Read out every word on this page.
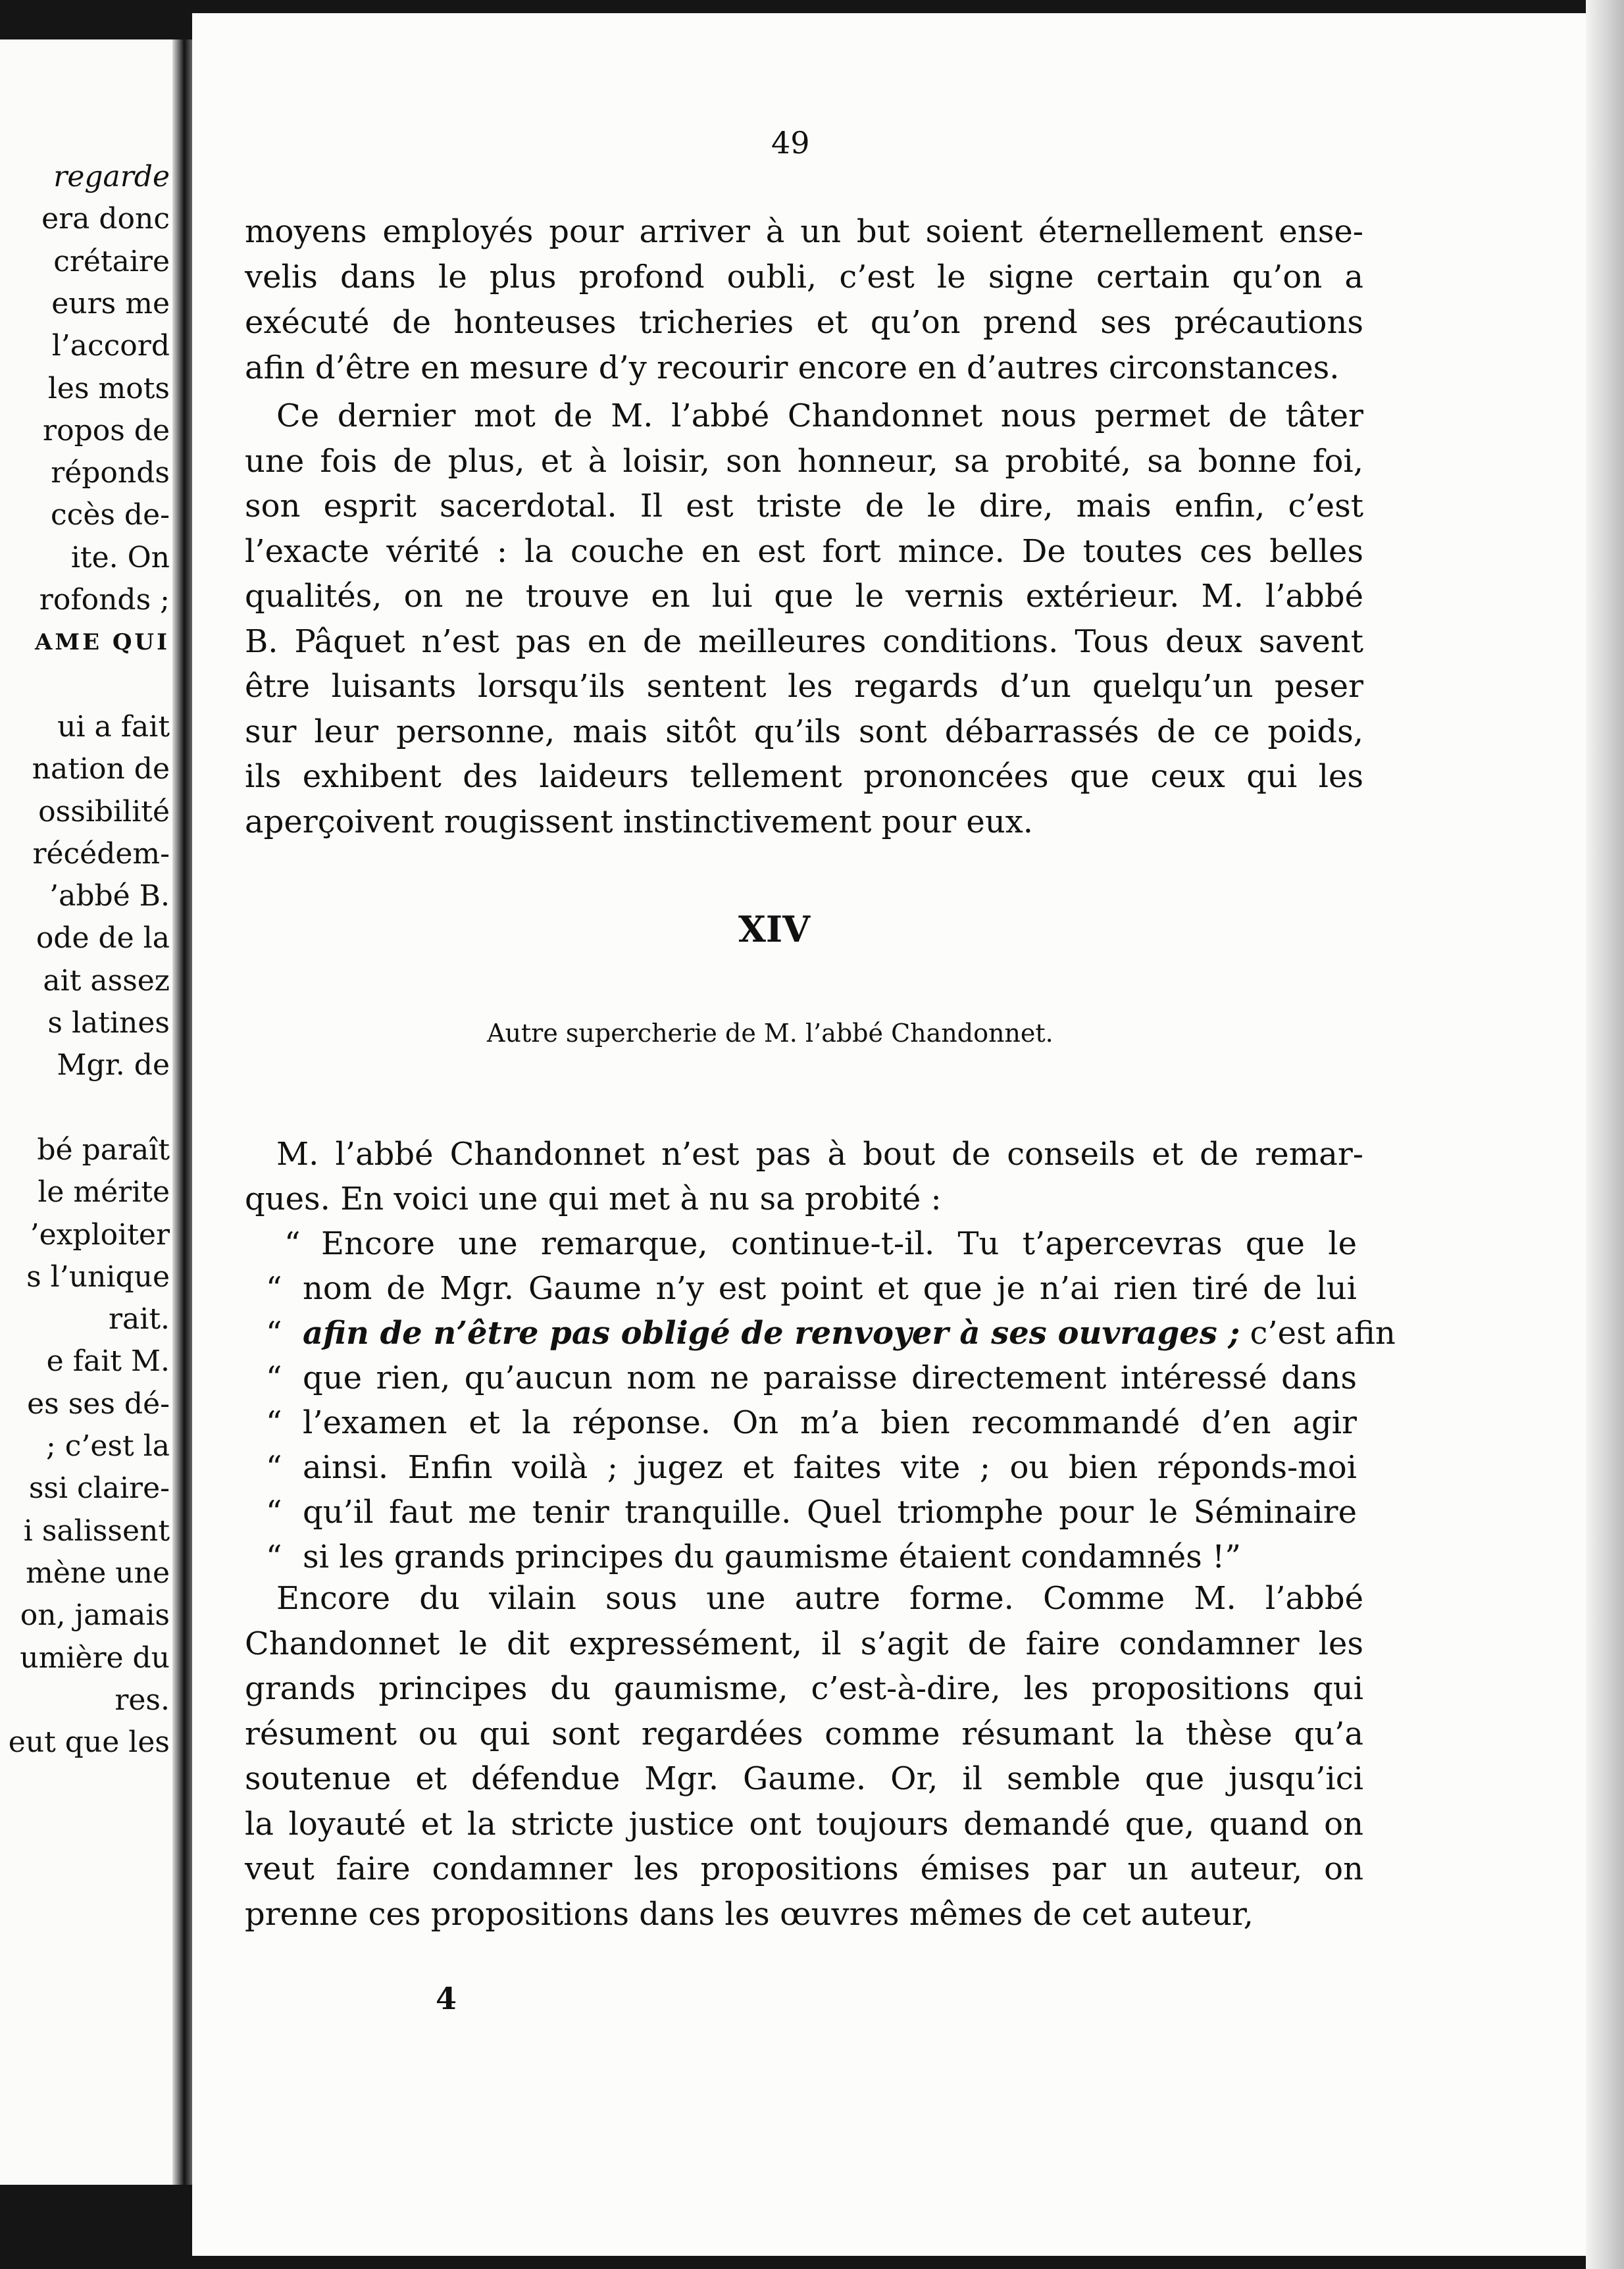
regarde
era donc
crétaire
eurs me
l’accord
les mots
ropos de
réponds
ccès de-
ite. On
rofonds ;
AME QUI
ui a fait
nation de
ossibilité
récédem-
’abbé B.
ode de la
ait assez
s latines
Mgr. de
bé paraît
le mérite
’exploiter
s l’unique
rait.
e fait M.
es ses dé-
; c’est la
ssi claire-
i salissent
mène une
on, jamais
umière du
res.
eut que les
49
moyens employés pour arriver à un but soient éternellement ense-
velis dans le plus profond oubli, c’est le signe certain qu’on a
exécuté de honteuses tricheries et qu’on prend ses précautions
afin d’être en mesure d’y recourir encore en d’autres circonstances.
Ce dernier mot de M. l’abbé Chandonnet nous permet de tâter
une fois de plus, et à loisir, son honneur, sa probité, sa bonne foi,
son esprit sacerdotal. Il est triste de le dire, mais enfin, c’est
l’exacte vérité : la couche en est fort mince. De toutes ces belles
qualités, on ne trouve en lui que le vernis extérieur. M. l’abbé
B. Pâquet n’est pas en de meilleures conditions. Tous deux savent
être luisants lorsqu’ils sentent les regards d’un quelqu’un peser
sur leur personne, mais sitôt qu’ils sont débarrassés de ce poids,
ils exhibent des laideurs tellement prononcées que ceux qui les
aperçoivent rougissent instinctivement pour eux.
XIV
Autre supercherie de M. l’abbé Chandonnet.
M. l’abbé Chandonnet n’est pas à bout de conseils et de remar-
ques. En voici une qui met à nu sa probité :
“ Encore une remarque, continue-t-il. Tu t’apercevras que le
“ nom de Mgr. Gaume n’y est point et que je n’ai rien tiré de lui
“ afin de n’être pas obligé de renvoyer à ses ouvrages ; c’est afin
“ que rien, qu’aucun nom ne paraisse directement intéressé dans
“ l’examen et la réponse. On m’a bien recommandé d’en agir
“ ainsi. Enfin voilà ; jugez et faites vite ; ou bien réponds-moi
“ qu’il faut me tenir tranquille. Quel triomphe pour le Séminaire
“ si les grands principes du gaumisme étaient condamnés !”
Encore du vilain sous une autre forme. Comme M. l’abbé
Chandonnet le dit expressément, il s’agit de faire condamner les
grands principes du gaumisme, c’est-à-dire, les propositions qui
résument ou qui sont regardées comme résumant la thèse qu’a
soutenue et défendue Mgr. Gaume. Or, il semble que jusqu’ici
la loyauté et la stricte justice ont toujours demandé que, quand on
veut faire condamner les propositions émises par un auteur, on
prenne ces propositions dans les œuvres mêmes de cet auteur,
4
